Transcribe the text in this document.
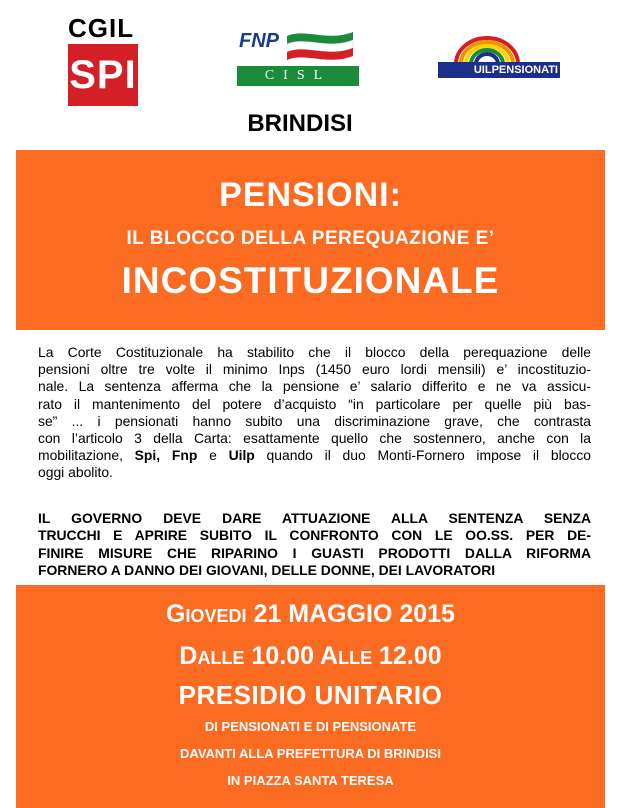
CGIL
SPI
FNP
CISL	UILPENSIONATI
BRINDISI
PENSIONI:
IL BLOCCO DELLA PEREQUAZIONE E’
INCOSTITUZIONALE
La Corte Costituzionale ha stabilito che il blocco della perequazione delle
pensioni oltre tre volte il minimo Inps (1450 euro lordi mensili) e’ incostituzio-
nale. La sentenza afferma che la pensione e’ salario differito e ne va assicu-
rato il mantenimento del potere d’acquisto “in particolare per quelle più bas-
se” ... i pensionati hanno subito una discriminazione grave, che contrasta
con l’articolo 3 della Carta: esattamente quello che sostennero, anche con la
mobilitazione, Spi, Fnp e Uilp quando il duo Monti-Fornero impose il blocco
oggi abolito.
IL GOVERNO DEVE DARE ATTUAZIONE ALLA SENTENZA SENZA
TRUCCHI E APRIRE SUBITO IL CONFRONTO CON LE OO.SS. PER DE-
FINIRE MISURE CHE RIPARINO I GUASTI PRODOTTI DALLA RIFORMA
FORNERO A DANNO DEI GIOVANI, DELLE DONNE, DEI LAVORATORI
GIOVEDI 21 MAGGIO 2015
DALLE 10.00 ALLE 12.00
PRESIDIO UNITARIO
DI PENSIONATI E DI PENSIONATE
DAVANTI ALLA PREFETTURA DI BRINDISI
IN PIAZZA SANTA TERESA
